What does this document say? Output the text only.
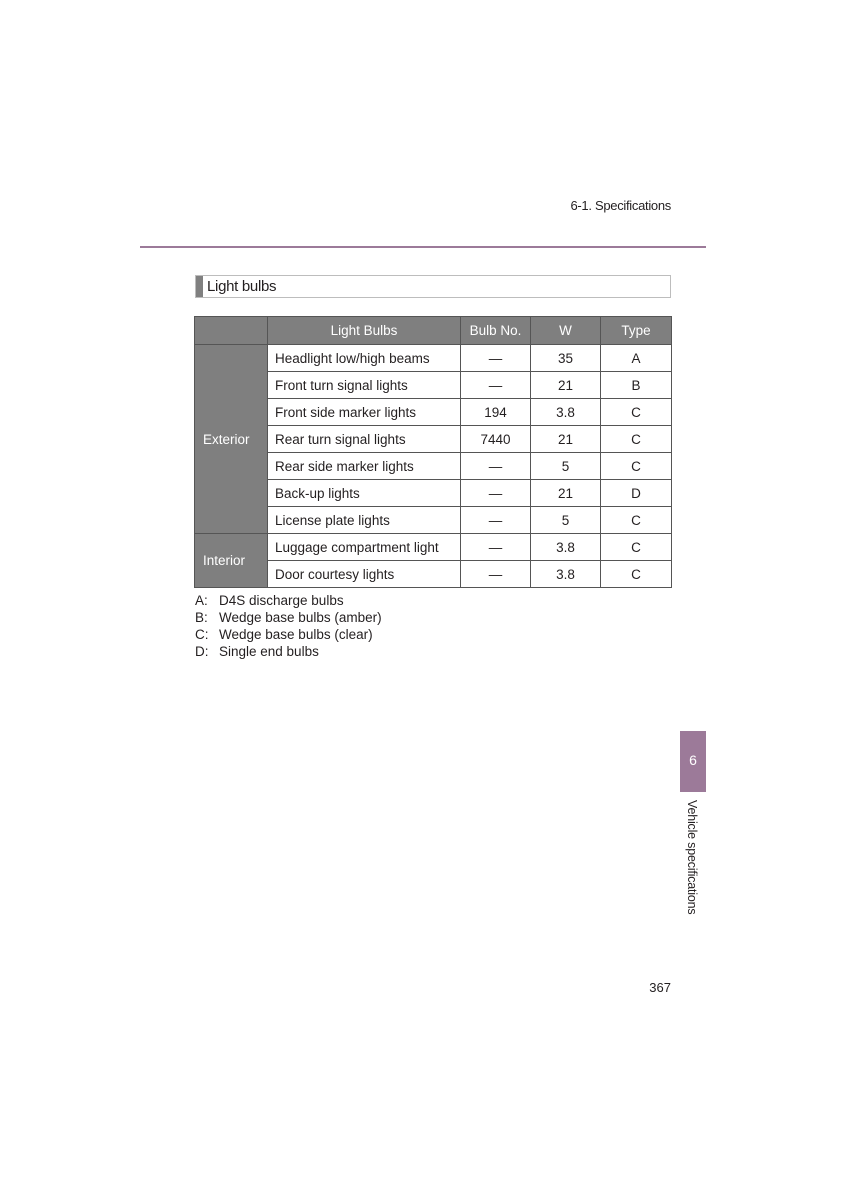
6-1. Specifications
Light bulbs
	Light Bulbs	Bulb No.	W	Type
Exterior	Headlight low/high beams	—	35	A
	Front turn signal lights	—	21	B
	Front side marker lights	194	3.8	C
	Rear turn signal lights	7440	21	C
	Rear side marker lights	—	5	C
	Back-up lights	—	21	D
	License plate lights	—	5	C
Interior	Luggage compartment light	—	3.8	C
	Door courtesy lights	—	3.8	C
A: D4S discharge bulbs
B: Wedge base bulbs (amber)
C: Wedge base bulbs (clear)
D: Single end bulbs
6
Vehicle specifications
367
